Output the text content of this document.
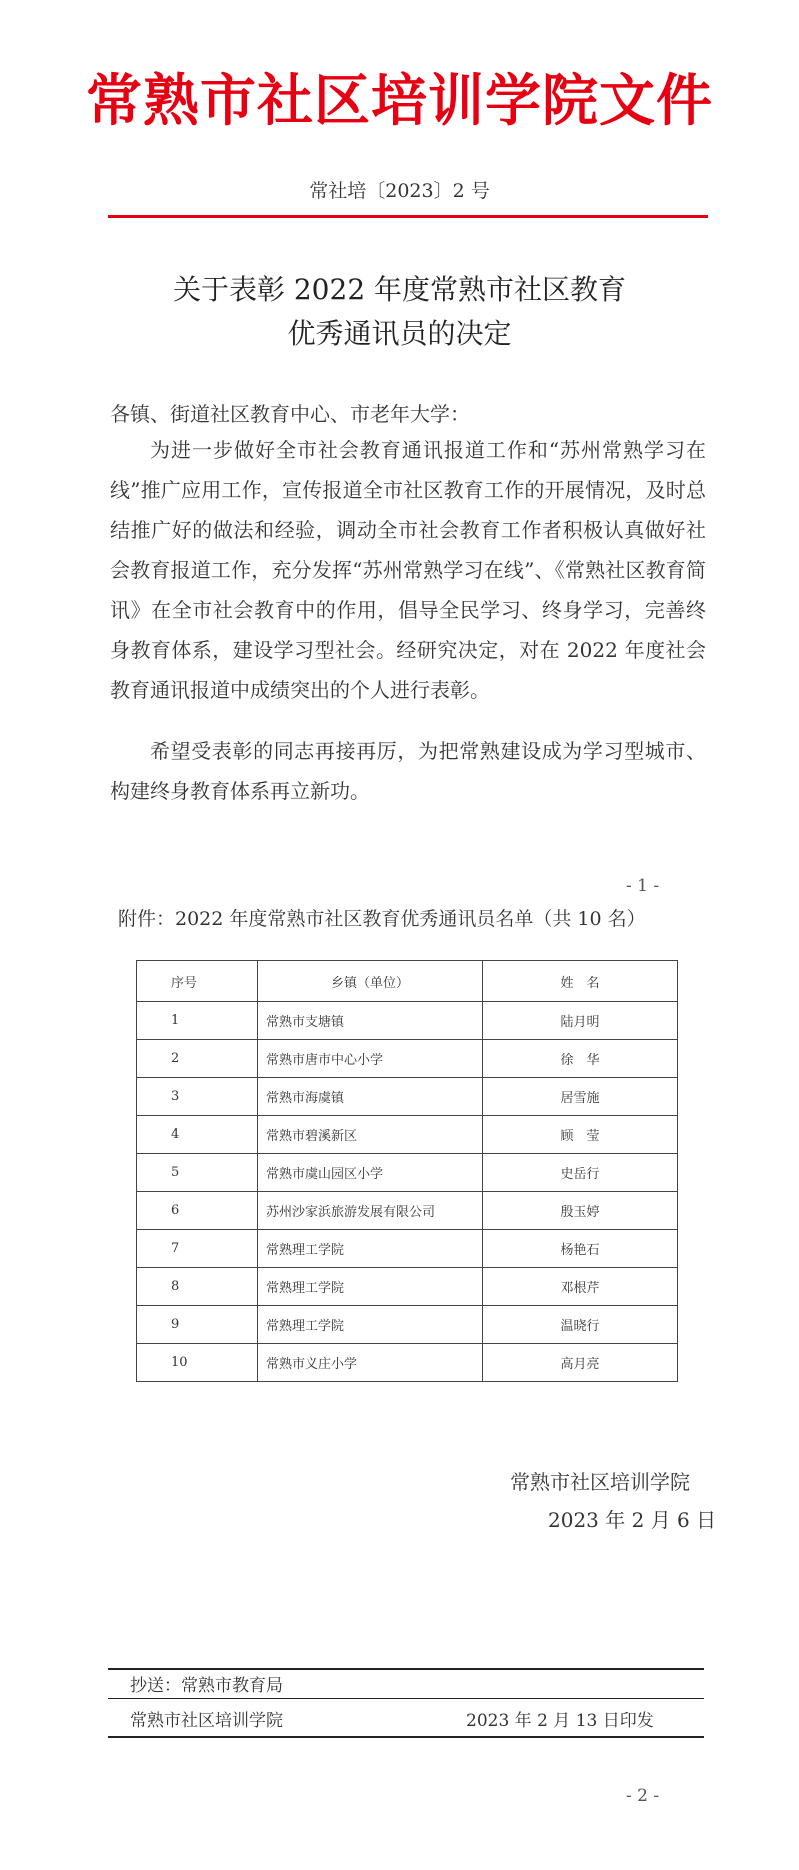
常熟市社区培训学院文件
常社培〔2023〕2 号
关于表彰 2022 年度常熟市社区教育
优秀通讯员的决定
各镇、街道社区教育中心、市老年大学：
为进一步做好全市社会教育通讯报道工作和“苏州常熟学习在线”推广应用工作，宣传报道全市社区教育工作的开展情况，及时总结推广好的做法和经验，调动全市社会教育工作者积极认真做好社会教育报道工作，充分发挥“苏州常熟学习在线”、《常熟社区教育简讯》在全市社会教育中的作用，倡导全民学习、终身学习，完善终身教育体系，建设学习型社会。经研究决定，对在 2022 年度社会教育通讯报道中成绩突出的个人进行表彰。
希望受表彰的同志再接再厉，为把常熟建设成为学习型城市、构建终身教育体系再立新功。
- 1 -
附件：2022 年度常熟市社区教育优秀通讯员名单（共 10 名）
序号	乡镇（单位）	姓　名
1	常熟市支塘镇	陆月明
2	常熟市唐市中心小学	徐　华
3	常熟市海虞镇	居雪施
4	常熟市碧溪新区	顾　莹
5	常熟市虞山园区小学	史岳行
6	苏州沙家浜旅游发展有限公司	殷玉婷
7	常熟理工学院	杨艳石
8	常熟理工学院	邓根芹
9	常熟理工学院	温晓行
10	常熟市义庄小学	高月亮
常熟市社区培训学院
2023 年 2 月 6 日
抄送：常熟市教育局
常熟市社区培训学院	2023 年 2 月 13 日印发
- 2 -
